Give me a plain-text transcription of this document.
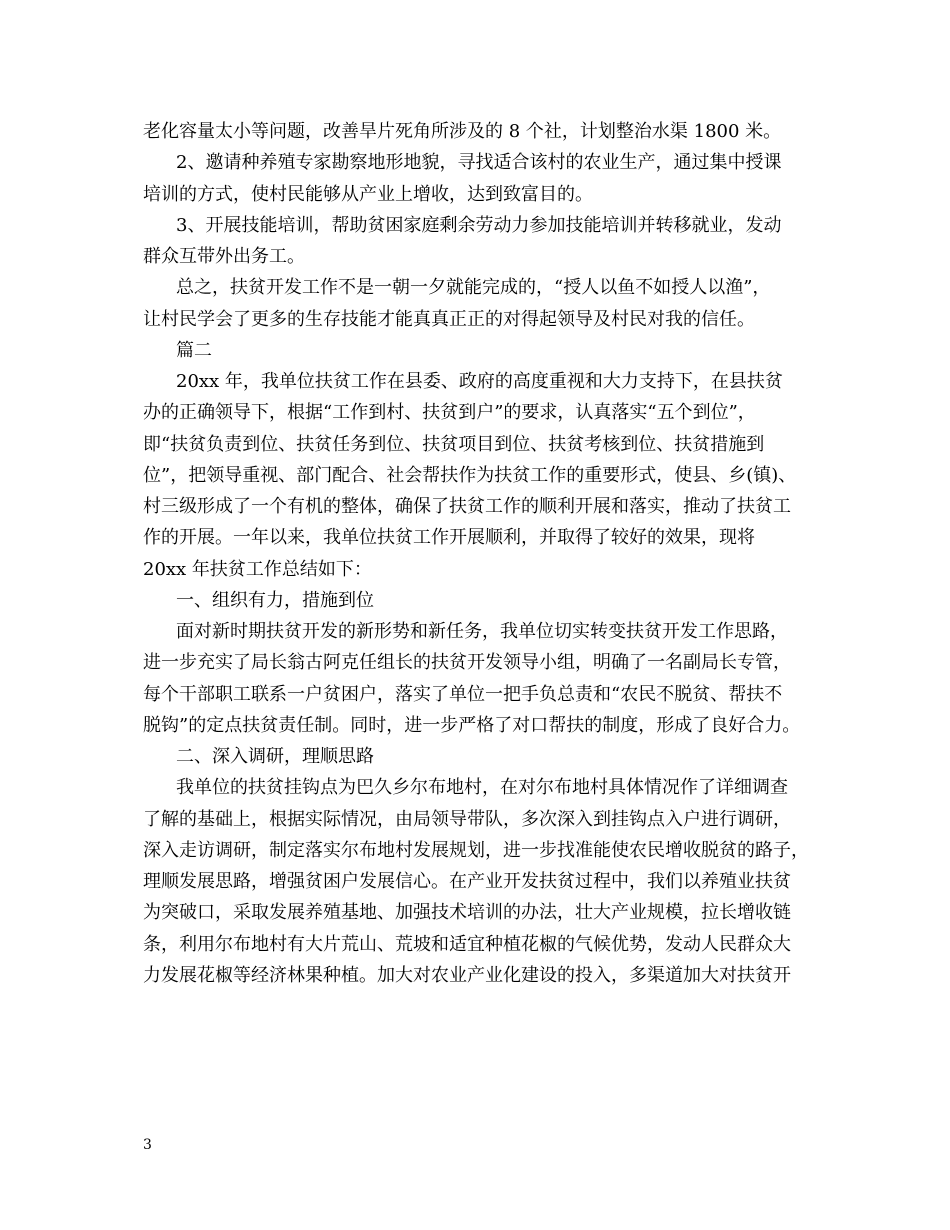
老化容量太小等问题，改善旱片死角所涉及的 8 个社，计划整治水渠 1800 米。
2、邀请种养殖专家勘察地形地貌，寻找适合该村的农业生产，通过集中授课
培训的方式，使村民能够从产业上增收，达到致富目的。
3、开展技能培训，帮助贫困家庭剩余劳动力参加技能培训并转移就业，发动
群众互带外出务工。
总之，扶贫开发工作不是一朝一夕就能完成的，“授人以鱼不如授人以渔”，
让村民学会了更多的生存技能才能真真正正的对得起领导及村民对我的信任。
篇二
20xx 年，我单位扶贫工作在县委、政府的高度重视和大力支持下，在县扶贫
办的正确领导下，根据“工作到村、扶贫到户”的要求，认真落实“五个到位”，
即“扶贫负责到位、扶贫任务到位、扶贫项目到位、扶贫考核到位、扶贫措施到
位”，把领导重视、部门配合、社会帮扶作为扶贫工作的重要形式，使县、乡(镇)、
村三级形成了一个有机的整体，确保了扶贫工作的顺利开展和落实，推动了扶贫工
作的开展。一年以来，我单位扶贫工作开展顺利，并取得了较好的效果，现将
20xx 年扶贫工作总结如下：
一、组织有力，措施到位
面对新时期扶贫开发的新形势和新任务，我单位切实转变扶贫开发工作思路，
进一步充实了局长翁古阿克任组长的扶贫开发领导小组，明确了一名副局长专管，
每个干部职工联系一户贫困户，落实了单位一把手负总责和“农民不脱贫、帮扶不
脱钩”的定点扶贫责任制。同时，进一步严格了对口帮扶的制度，形成了良好合力。
二、深入调研，理顺思路
我单位的扶贫挂钩点为巴久乡尔布地村，在对尔布地村具体情况作了详细调查
了解的基础上，根据实际情况，由局领导带队，多次深入到挂钩点入户进行调研，
深入走访调研，制定落实尔布地村发展规划，进一步找准能使农民增收脱贫的路子，
理顺发展思路，增强贫困户发展信心。在产业开发扶贫过程中，我们以养殖业扶贫
为突破口，采取发展养殖基地、加强技术培训的办法，壮大产业规模，拉长增收链
条，利用尔布地村有大片荒山、荒坡和适宜种植花椒的气候优势，发动人民群众大
力发展花椒等经济林果种植。加大对农业产业化建设的投入，多渠道加大对扶贫开
3
